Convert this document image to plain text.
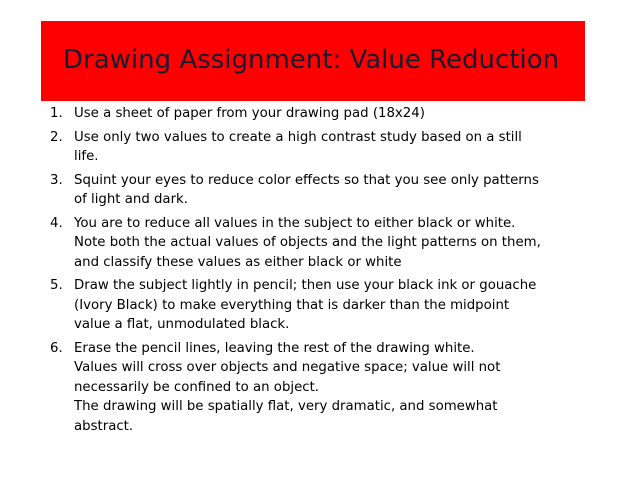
Drawing Assignment: Value Reduction
1. Use a sheet of paper from your drawing pad (18x24)
2. Use only two values to create a high contrast study based on a still
life.
3. Squint your eyes to reduce color effects so that you see only patterns
of light and dark.
4. You are to reduce all values in the subject to either black or white.
Note both the actual values of objects and the light patterns on them,
and classify these values as either black or white
5. Draw the subject lightly in pencil; then use your black ink or gouache
(Ivory Black) to make everything that is darker than the midpoint
value a flat, unmodulated black.
6. Erase the pencil lines, leaving the rest of the drawing white.
Values will cross over objects and negative space; value will not
necessarily be confined to an object.
The drawing will be spatially flat, very dramatic, and somewhat
abstract.
